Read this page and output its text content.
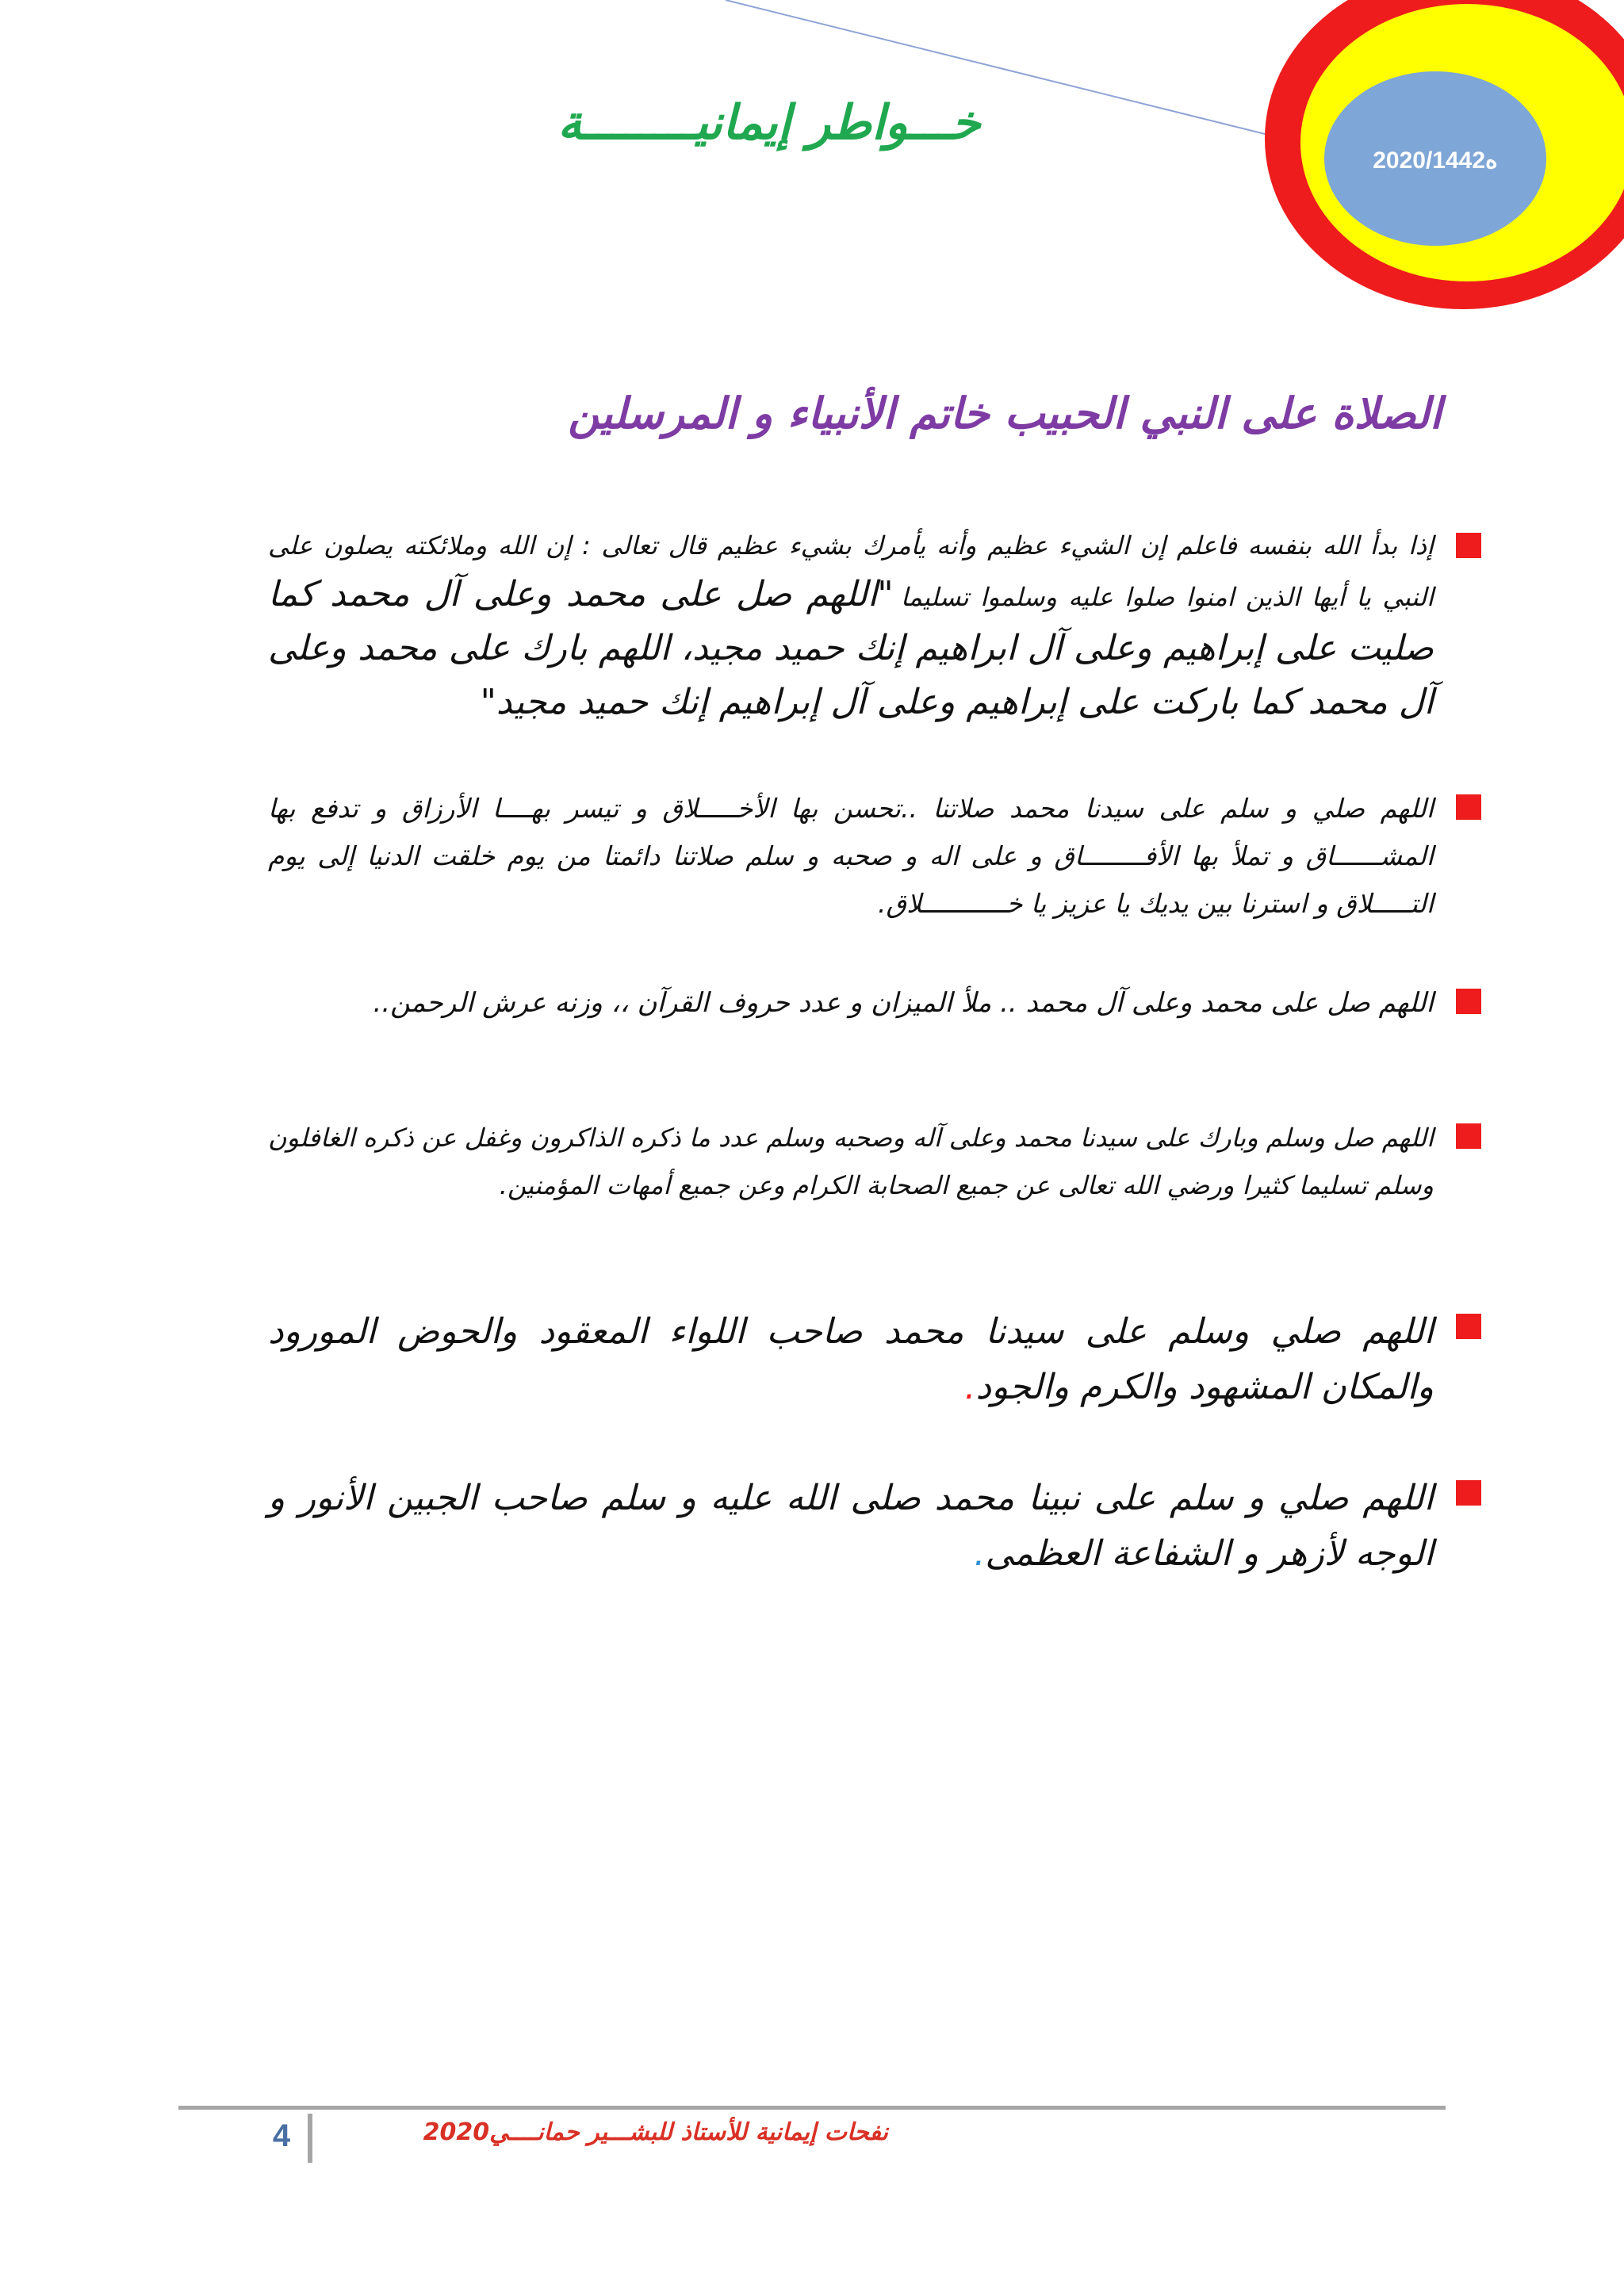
خـــواطر إيمانيــــــــة
2020/ه1442
الصلاة على النبي الحبيب خاتم الأنبياء و المرسلين

إذا بدأ الله بنفسه فاعلم إن الشيء عظيم وأنه يأمرك بشيء عظيم قال تعالى : إن الله وملائكته يصلون على النبي يا أيها الذين امنوا صلوا عليه وسلموا تسليما "اللهم صل على محمد وعلى آل محمد كما صليت على إبراهيم وعلى آل ابراهيم إنك حميد مجيد، اللهم بارك على محمد وعلى آل محمد كما باركت على إبراهيم وعلى آل إبراهيم إنك حميد مجيد"

اللهم صلي و سلم على سيدنا محمد صلاتنا ..تحسن بها الأخـــــلاق و تيسر بهــــا الأرزاق و تدفع بها المشــــــاق و تملأ بها الأفــــــــاق و على اله و صحبه و سلم صلاتنا دائمتا من يوم خلقت الدنيا إلى يوم التـــــلاق و استرنا بين يديك يا عزيز يا خـــــــــــلاق.

اللهم صل على محمد وعلى آل محمد .. ملأ الميزان و عدد حروف القرآن ،، وزنه عرش الرحمن..

اللهم صل وسلم وبارك على سيدنا محمد وعلى آله وصحبه وسلم عدد ما ذكره الذاكرون وغفل عن ذكره الغافلون وسلم تسليما كثيرا ورضي الله تعالى عن جميع الصحابة الكرام وعن جميع أمهات المؤمنين.

اللهم صلي وسلم على سيدنا محمد صاحب اللواء المعقود والحوض المورود والمكان المشهود والكرم والجود.

اللهم صلي و سلم على نبينا محمد صلى الله عليه و سلم صاحب الجبين الأنور و الوجه لأزهر و الشفاعة العظمى.

4	نفحات إيمانية للأستاذ للبشـــير حمانــــي2020
